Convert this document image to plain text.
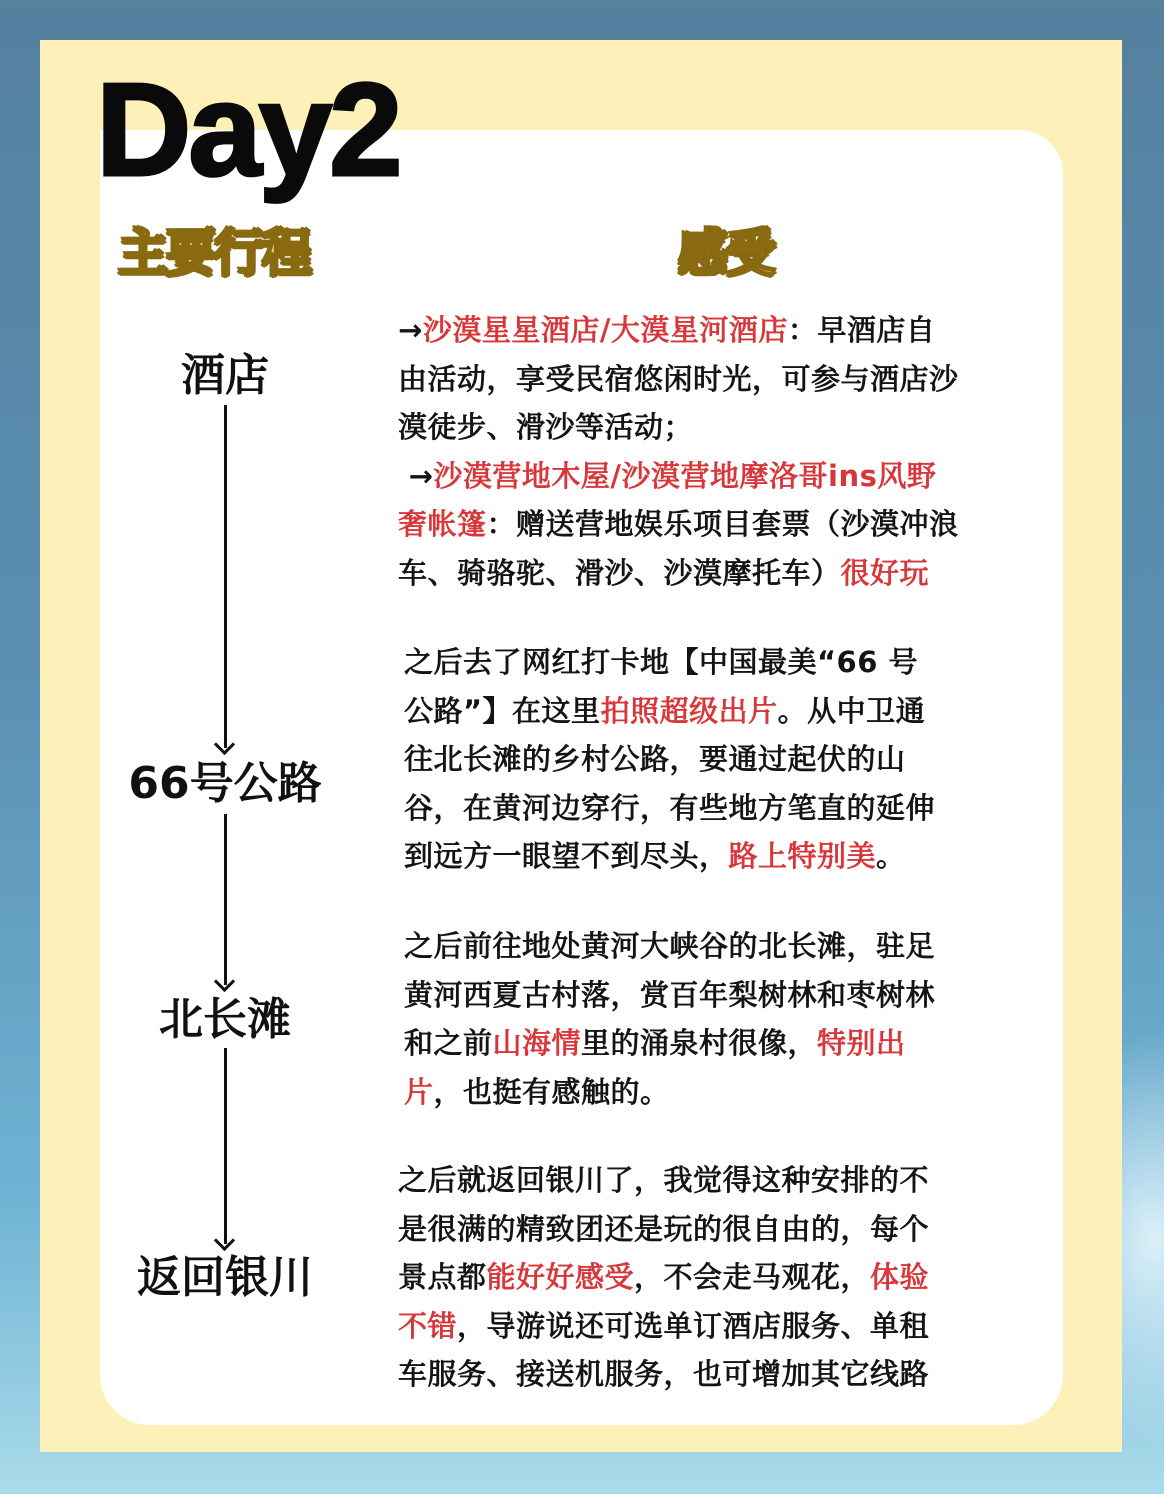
Day2
主要行程	感受
酒店
66号公路
北长滩
返回银川
→沙漠星星酒店/大漠星河酒店：早酒店自
由活动，享受民宿悠闲时光，可参与酒店沙
漠徒步、滑沙等活动；
→沙漠营地木屋/沙漠营地摩洛哥ins风野
奢帐篷：赠送营地娱乐项目套票（沙漠冲浪
车、骑骆驼、滑沙、沙漠摩托车）很好玩
之后去了网红打卡地【中国最美“66 号
公路”】在这里拍照超级出片。从中卫通
往北长滩的乡村公路，要通过起伏的山
谷，在黄河边穿行，有些地方笔直的延伸
到远方一眼望不到尽头，路上特别美。
之后前往地处黄河大峡谷的北长滩，驻足
黄河西夏古村落，赏百年梨树林和枣树林
和之前山海情里的涌泉村很像，特别出
片，也挺有感触的。
之后就返回银川了，我觉得这种安排的不
是很满的精致团还是玩的很自由的，每个
景点都能好好感受，不会走马观花，体验
不错，导游说还可选单订酒店服务、单租
车服务、接送机服务，也可增加其它线路
